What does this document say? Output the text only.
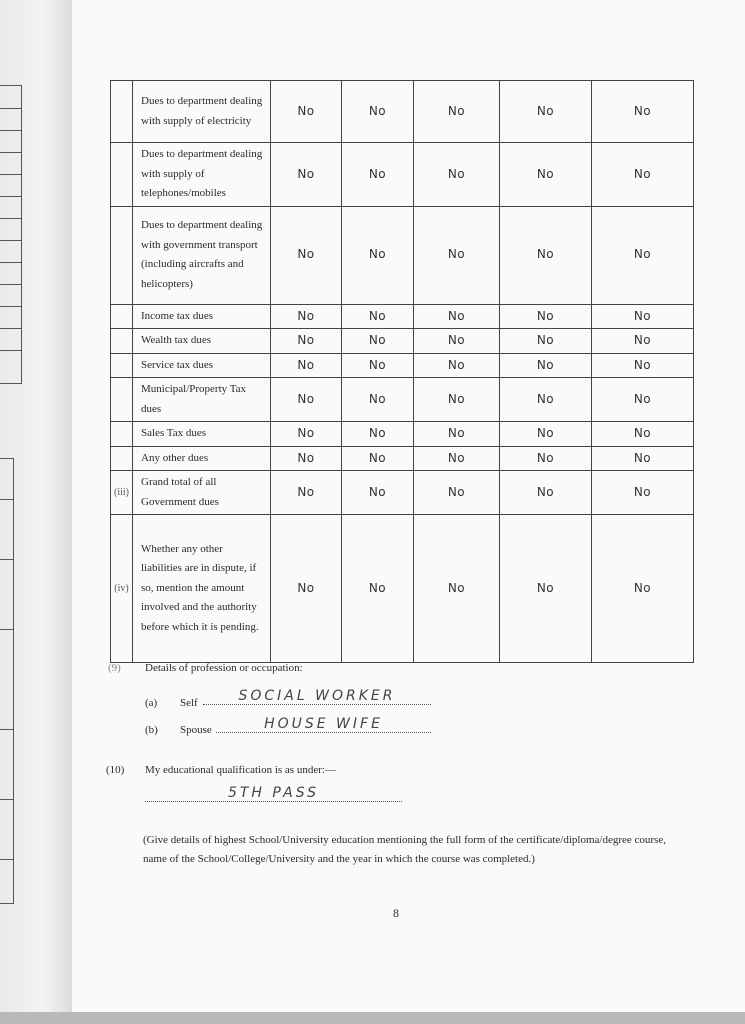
	Dues to department dealing with supply of electricity	No	No	No	No	No
	Dues to department dealing with supply of telephones/mobiles	No	No	No	No	No
	Dues to department dealing with government transport (including aircrafts and helicopters)	No	No	No	No	No
	Income tax dues	No	No	No	No	No
	Wealth tax dues	No	No	No	No	No
	Service tax dues	No	No	No	No	No
	Municipal/Property Tax dues	No	No	No	No	No
	Sales Tax dues	No	No	No	No	No
	Any other dues	No	No	No	No	No
(iii)	Grand total of all Government dues	No	No	No	No	No
(iv)	Whether any other liabilities are in dispute, if so, mention the amount involved and the authority before which it is pending.	No	No	No	No	No
(9) Details of profession or occupation:
(a) Self	SOCIAL WORKER
(b) Spouse	HOUSE WIFE
(10) My educational qualification is as under:—
5TH PASS
(Give details of highest School/University education mentioning the full form of the certificate/diploma/degree course, name of the School/College/University and the year in which the course was completed.)
8
